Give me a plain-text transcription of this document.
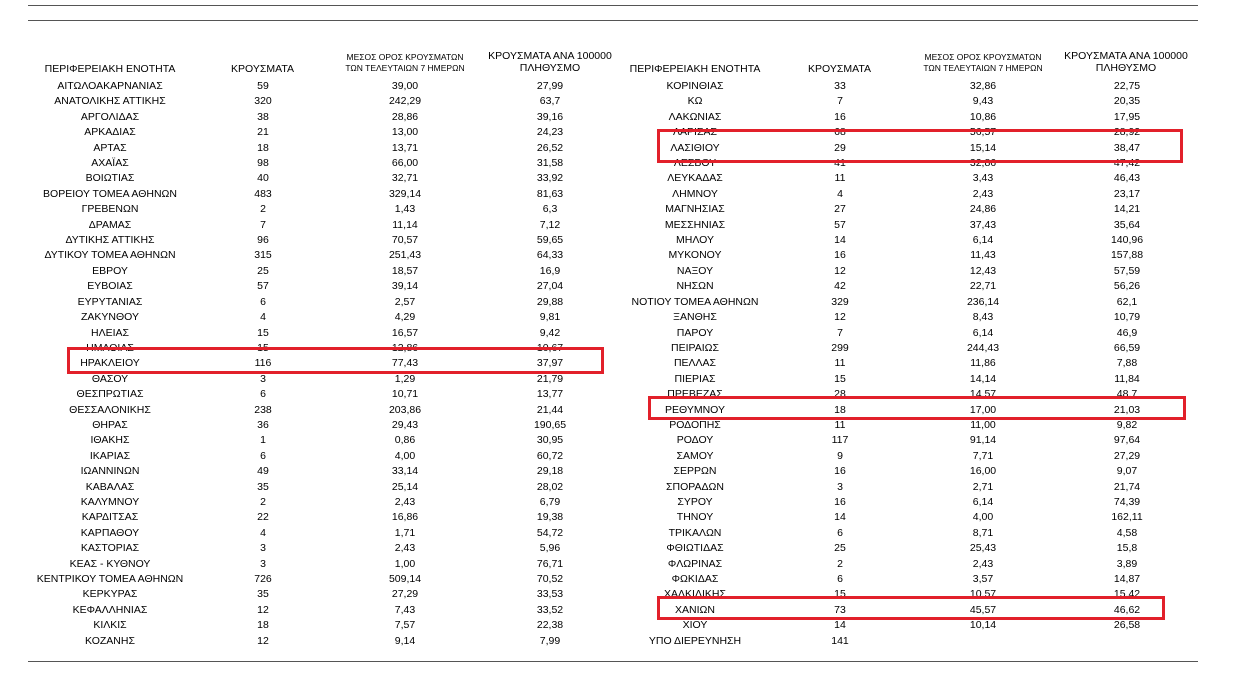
ΠΕΡΙΦΕΡΕΙΑΚΗ ΕΝΟΤΗΤΑ	ΚΡΟΥΣΜΑΤΑ
ΜΕΣΟΣ ΟΡΟΣ ΚΡΟΥΣΜΑΤΩΝ
ΤΩΝ ΤΕΛΕΥΤΑΙΩΝ 7 ΗΜΕΡΩΝ
ΚΡΟΥΣΜΑΤΑ ΑΝΑ 100000
ΠΛΗΘΥΣΜΟ	ΠΕΡΙΦΕΡΕΙΑΚΗ ΕΝΟΤΗΤΑ	ΚΡΟΥΣΜΑΤΑ
ΜΕΣΟΣ ΟΡΟΣ ΚΡΟΥΣΜΑΤΩΝ
ΤΩΝ ΤΕΛΕΥΤΑΙΩΝ 7 ΗΜΕΡΩΝ
ΚΡΟΥΣΜΑΤΑ ΑΝΑ 100000
ΠΛΗΘΥΣΜΟ
ΑΙΤΩΛΟΑΚΑΡΝΑΝΙΑΣ	59	39,00	27,99
ΑΝΑΤΟΛΙΚΗΣ ΑΤΤΙΚΗΣ	320	242,29	63,7
ΑΡΓΟΛΙΔΑΣ	38	28,86	39,16
ΑΡΚΑΔΙΑΣ	21	13,00	24,23
ΑΡΤΑΣ	18	13,71	26,52
ΑΧΑΪΑΣ	98	66,00	31,58
ΒΟΙΩΤΙΑΣ	40	32,71	33,92
ΒΟΡΕΙΟΥ ΤΟΜΕΑ ΑΘΗΝΩΝ	483	329,14	81,63
ΓΡΕΒΕΝΩΝ	2	1,43	6,3
ΔΡΑΜΑΣ	7	11,14	7,12
ΔΥΤΙΚΗΣ ΑΤΤΙΚΗΣ	96	70,57	59,65
ΔΥΤΙΚΟΥ ΤΟΜΕΑ ΑΘΗΝΩΝ	315	251,43	64,33
ΕΒΡΟΥ	25	18,57	16,9
ΕΥΒΟΙΑΣ	57	39,14	27,04
ΕΥΡΥΤΑΝΙΑΣ	6	2,57	29,88
ΖΑΚΥΝΘΟΥ	4	4,29	9,81
ΗΛΕΙΑΣ	15	16,57	9,42
ΗΜΑΘΙΑΣ	15	12,86	10,67
ΗΡΑΚΛΕΙΟΥ	116	77,43	37,97
ΘΑΣΟΥ	3	1,29	21,79
ΘΕΣΠΡΩΤΙΑΣ	6	10,71	13,77
ΘΕΣΣΑΛΟΝΙΚΗΣ	238	203,86	21,44
ΘΗΡΑΣ	36	29,43	190,65
ΙΘΑΚΗΣ	1	0,86	30,95
ΙΚΑΡΙΑΣ	6	4,00	60,72
ΙΩΑΝΝΙΝΩΝ	49	33,14	29,18
ΚΑΒΑΛΑΣ	35	25,14	28,02
ΚΑΛΥΜΝΟΥ	2	2,43	6,79
ΚΑΡΔΙΤΣΑΣ	22	16,86	19,38
ΚΑΡΠΑΘΟΥ	4	1,71	54,72
ΚΑΣΤΟΡΙΑΣ	3	2,43	5,96
ΚΕΑΣ - ΚΥΘΝΟΥ	3	1,00	76,71
ΚΕΝΤΡΙΚΟΥ ΤΟΜΕΑ ΑΘΗΝΩΝ	726	509,14	70,52
ΚΕΡΚΥΡΑΣ	35	27,29	33,53
ΚΕΦΑΛΛΗΝΙΑΣ	12	7,43	33,52
ΚΙΛΚΙΣ	18	7,57	22,38
ΚΟΖΑΝΗΣ	12	9,14	7,99
ΚΟΡΙΝΘΙΑΣ	33	32,86	22,75
ΚΩ	7	9,43	20,35
ΛΑΚΩΝΙΑΣ	16	10,86	17,95
ΛΑΡΙΣΑΣ	68	56,57	28,92
ΛΑΣΙΘΙΟΥ	29	15,14	38,47
ΛΕΣΒΟΥ	41	32,86	47,42
ΛΕΥΚΑΔΑΣ	11	3,43	46,43
ΛΗΜΝΟΥ	4	2,43	23,17
ΜΑΓΝΗΣΙΑΣ	27	24,86	14,21
ΜΕΣΣΗΝΙΑΣ	57	37,43	35,64
ΜΗΛΟΥ	14	6,14	140,96
ΜΥΚΟΝΟΥ	16	11,43	157,88
ΝΑΞΟΥ	12	12,43	57,59
ΝΗΣΩΝ	42	22,71	56,26
ΝΟΤΙΟΥ ΤΟΜΕΑ ΑΘΗΝΩΝ	329	236,14	62,1
ΞΑΝΘΗΣ	12	8,43	10,79
ΠΑΡΟΥ	7	6,14	46,9
ΠΕΙΡΑΙΩΣ	299	244,43	66,59
ΠΕΛΛΑΣ	11	11,86	7,88
ΠΙΕΡΙΑΣ	15	14,14	11,84
ΠΡΕΒΕΖΑΣ	28	14,57	48,7
ΡΕΘΥΜΝΟΥ	18	17,00	21,03
ΡΟΔΟΠΗΣ	11	11,00	9,82
ΡΟΔΟΥ	117	91,14	97,64
ΣΑΜΟΥ	9	7,71	27,29
ΣΕΡΡΩΝ	16	16,00	9,07
ΣΠΟΡΑΔΩΝ	3	2,71	21,74
ΣΥΡΟΥ	16	6,14	74,39
ΤΗΝΟΥ	14	4,00	162,11
ΤΡΙΚΑΛΩΝ	6	8,71	4,58
ΦΘΙΩΤΙΔΑΣ	25	25,43	15,8
ΦΛΩΡΙΝΑΣ	2	2,43	3,89
ΦΩΚΙΔΑΣ	6	3,57	14,87
ΧΑΛΚΙΔΙΚΗΣ	15	10,57	15,42
ΧΑΝΙΩΝ	73	45,57	46,62
ΧΙΟΥ	14	10,14	26,58
ΥΠΟ ΔΙΕΡΕΥΝΗΣΗ	141
